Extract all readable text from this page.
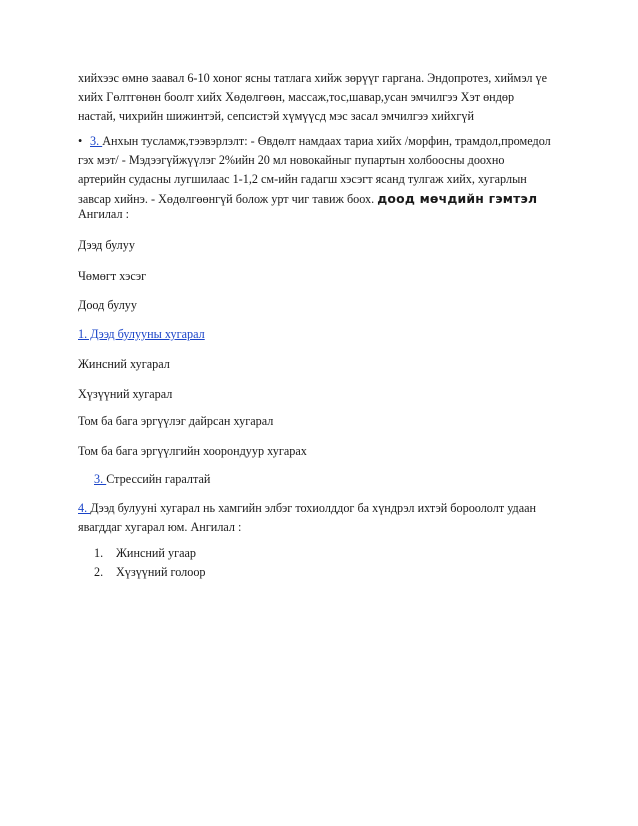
хийхээс өмнө заавал 6-10 хоног ясны татлага хийж зөрүүг гаргана. Эндопротез, хиймэл үе
хийх Гөлтгөнөн боолт хийх Хөдөлгөөн, массаж,тос,шавар,усан эмчилгээ Хэт өндөр
настай, чихрийн шижинтэй, сепсистэй хүмүүсд мэс засал эмчилгээ хийхгүй
• 3. Анхын тусламж,тээвэрлэлт: - Өвдөлт намдаах тариа хийх /морфин, трамдол,промедол
гэх мэт/ - Мэдээгүйжүүлэг 2%ийн 20 мл новокайныг пупартын холбоосны доохно
артерийн судасны лугшилаас 1-1,2 см-ийн гадагш хэсэгт ясанд тулгаж хийх, хугарлын
завсар хийнэ. - Хөдөлгөөнгүй болож урт чиг тавиж боох. доод мөчдийн гэмтэл
Ангилал :
Дээд булуу
Чөмөгт хэсэг
Доод булуу
1. Дээд булууны хугарал
Жинсний хугарал
Хүзүүний хугарал
Том ба бага эргүүлэг дайрсан хугарал
Том ба бага эргүүлгийн хоорондуур хугарах
3. Стрессийн гаралтай
4. Дээд булууні хугарал нь хамгийн элбэг тохиолддог ба хүндрэл ихтэй бороололт удаан
явагддаг хугарал юм. Ангилал :
1. Жинсний угаар
2. Хүзүүний голоор
